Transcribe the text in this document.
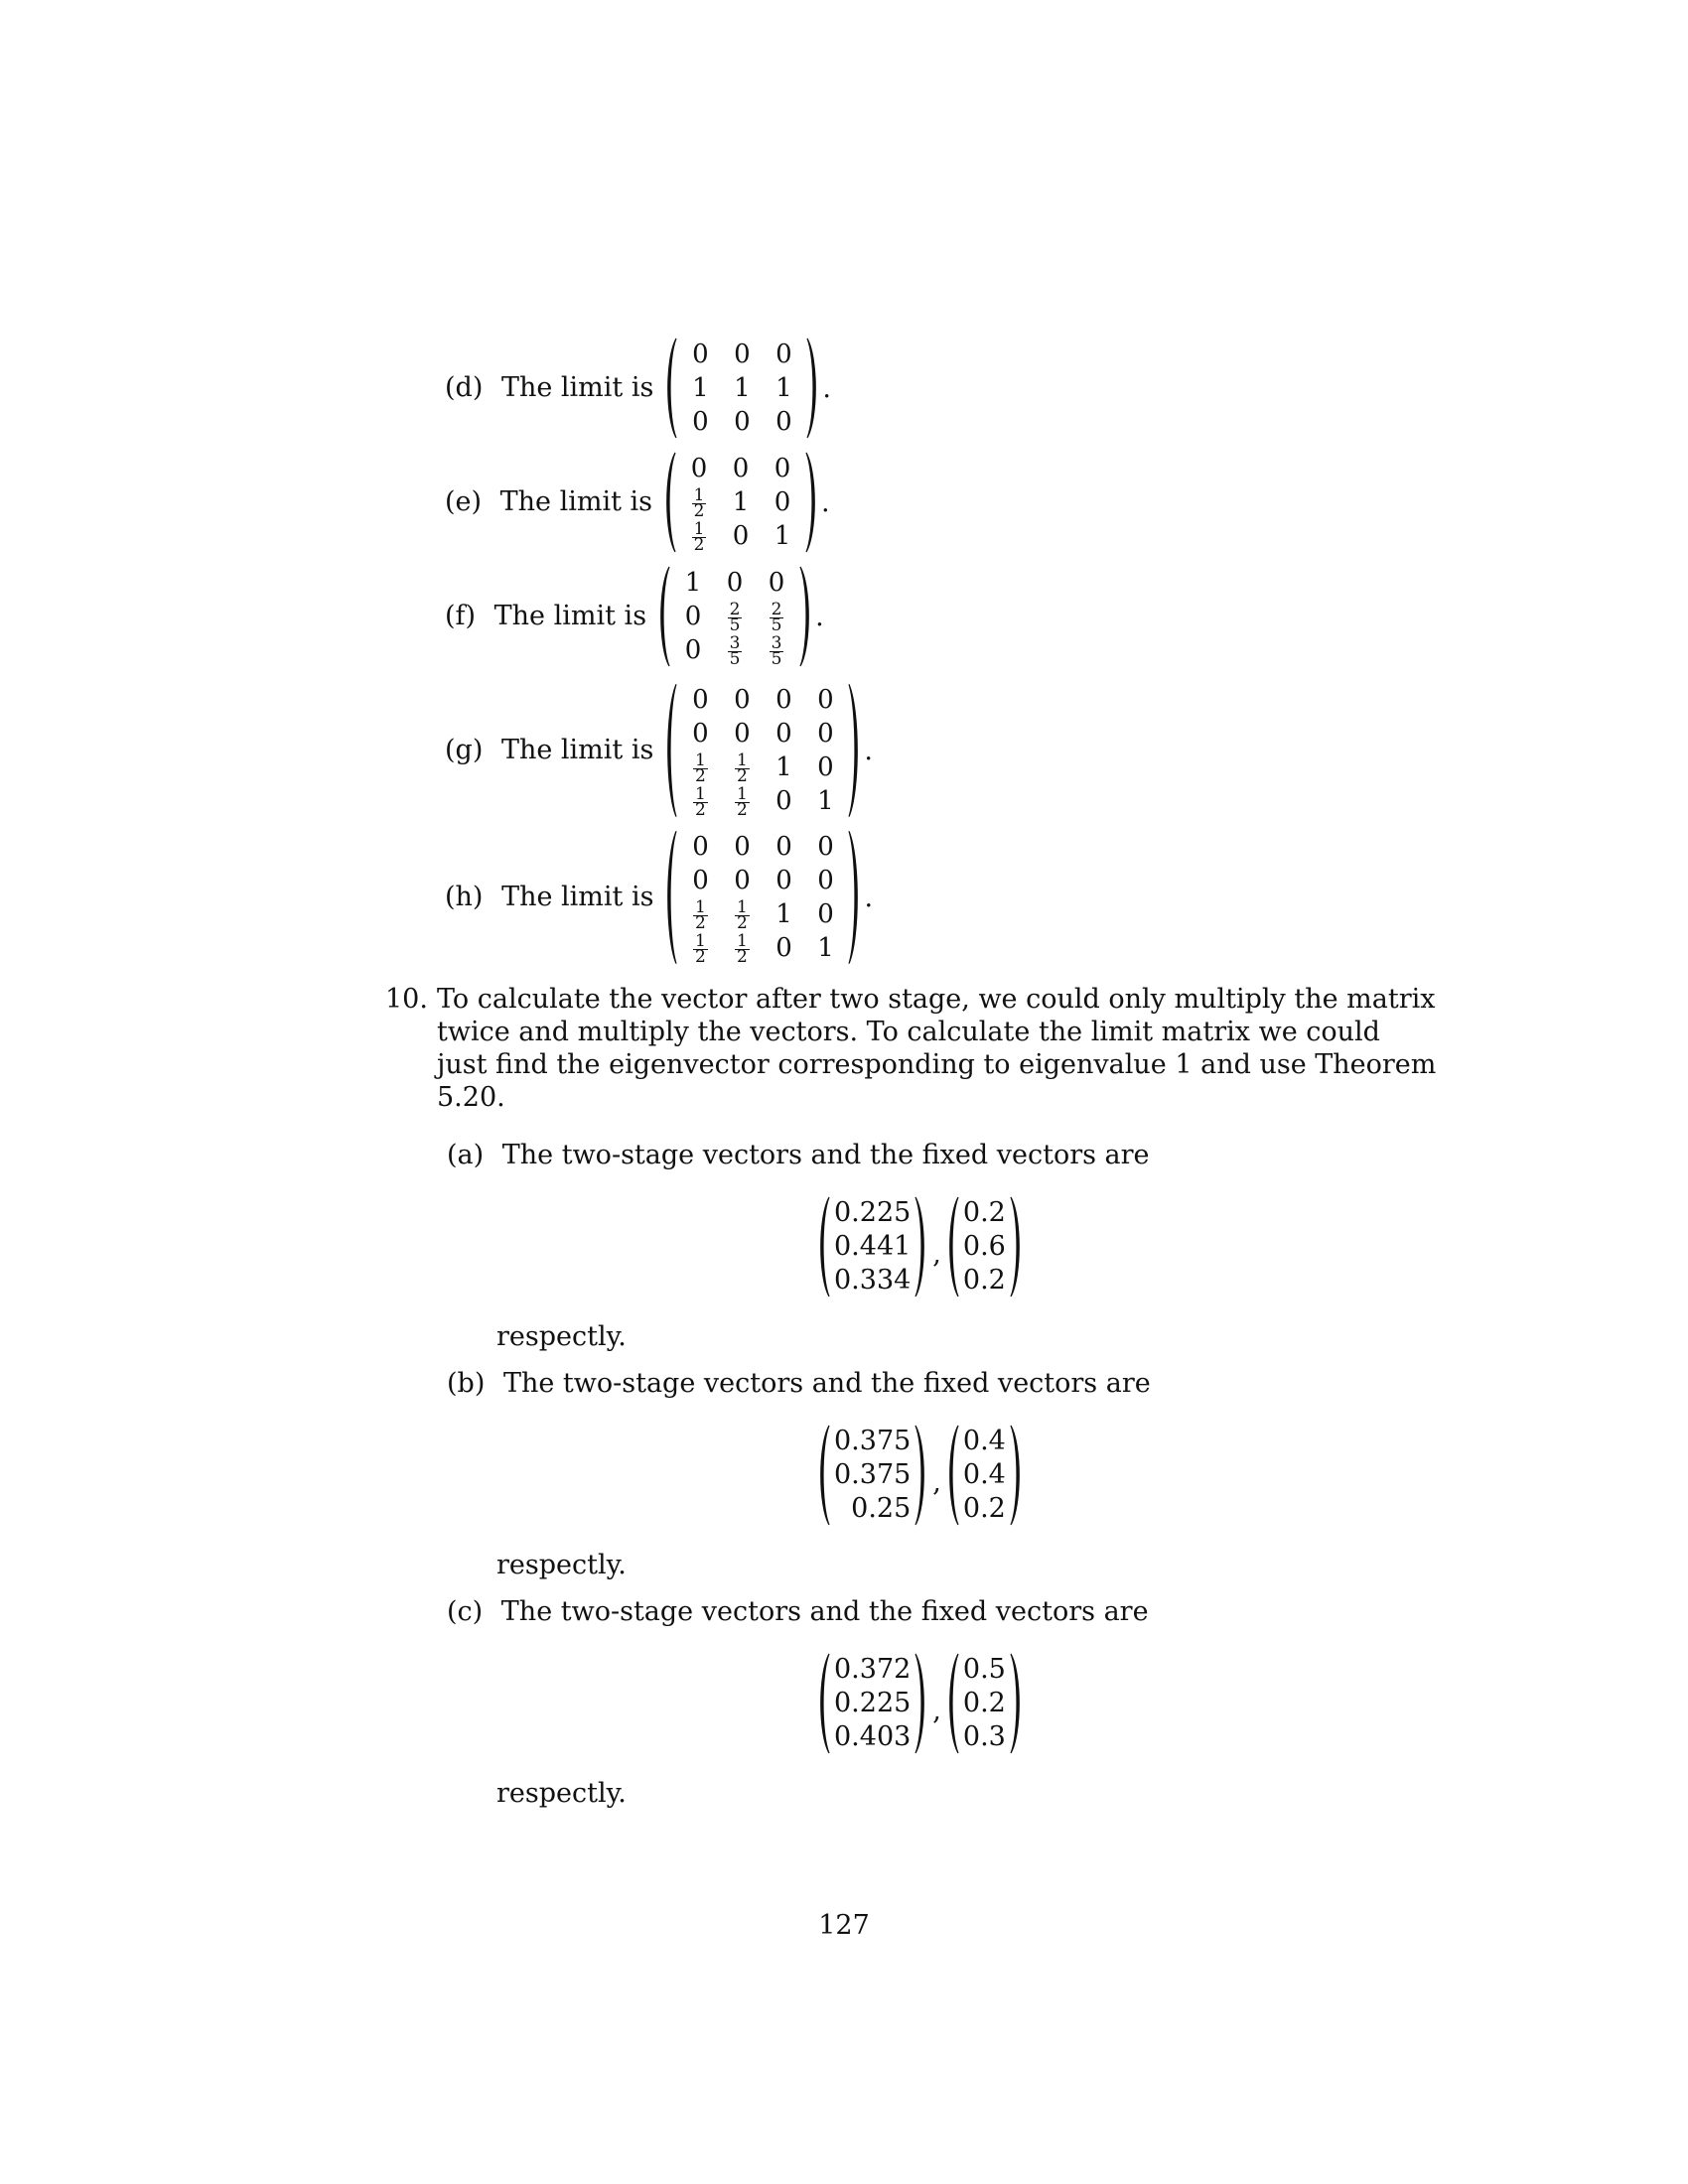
(d) The limit is
0 0 0
1 1 1
0 0 0
.
(e) The limit is
0 0 0
$\frac{1}{2}$	1 0
$\frac{1}{2}$	0 1
.
(f) The limit is
1 0 0
0	$\frac{2}{5} \frac{2}{5}$
0	$\frac{3}{5} \frac{3}{5}$
.
(g) The limit is
0 0 0 0
0 0 0 0
$\frac{1}{2} \frac{1}{2}$	1 0
$\frac{1}{2} \frac{1}{2}$	0 1
.
(h) The limit is
0 0 0 0
0 0 0 0
$\frac{1}{2} \frac{1}{2}$	1 0
$\frac{1}{2} \frac{1}{2}$	0 1
.
10. To calculate the vector after two stage, we could only multiply the matrix
twice and multiply the vectors. To calculate the limit matrix we could
just find the eigenvector corresponding to eigenvalue 1 and use Theorem
5.20.
(a) The two-stage vectors and the fixed vectors are
0.225
0.441
0.334
,
0.2
0.6
0.2
respectly.
(b) The two-stage vectors and the fixed vectors are
0.375
0.375
0.25
,
0.4
0.4
0.2
respectly.
(c) The two-stage vectors and the fixed vectors are
0.372
0.225
0.403
,
0.5
0.2
0.3
respectly.
127
